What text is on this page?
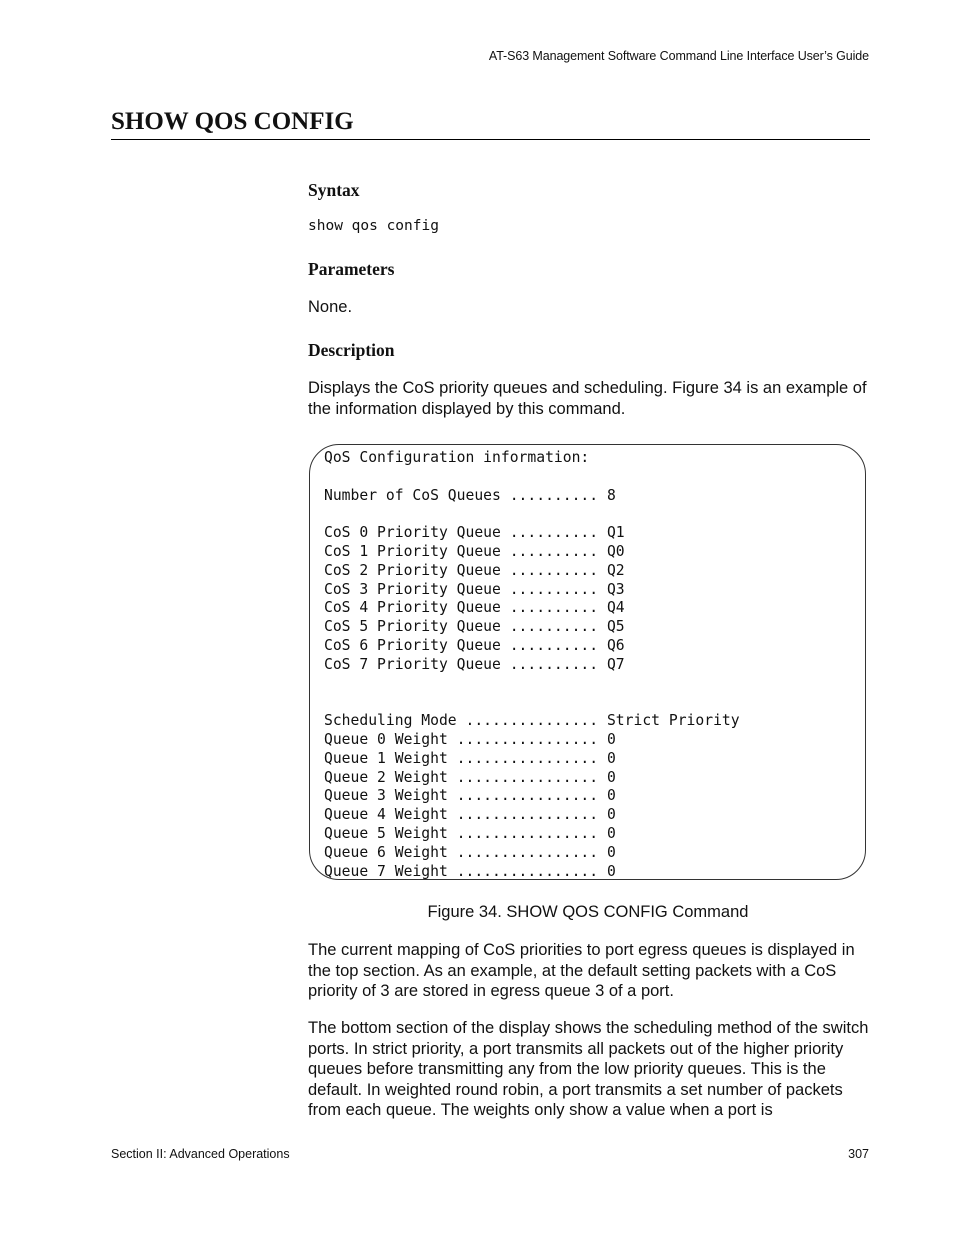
AT-S63 Management Software Command Line Interface User’s Guide
SHOW QOS CONFIG
Syntax
show qos config
Parameters

None.

Description

Displays the CoS priority queues and scheduling. Figure 34 is an example of the information displayed by this command.

QoS Configuration information:

Number of CoS Queues .......... 8

CoS 0 Priority Queue .......... Q1
CoS 1 Priority Queue .......... Q0
CoS 2 Priority Queue .......... Q2
CoS 3 Priority Queue .......... Q3
CoS 4 Priority Queue .......... Q4
CoS 5 Priority Queue .......... Q5
CoS 6 Priority Queue .......... Q6
CoS 7 Priority Queue .......... Q7

Scheduling Mode ............... Strict Priority
Queue 0 Weight ................ 0
Queue 1 Weight ................ 0
Queue 2 Weight ................ 0
Queue 3 Weight ................ 0
Queue 4 Weight ................ 0
Queue 5 Weight ................ 0
Queue 6 Weight ................ 0
Queue 7 Weight ................ 0
Figure 34. SHOW QOS CONFIG Command

The current mapping of CoS priorities to port egress queues is displayed in the top section. As an example, at the default setting packets with a CoS priority of 3 are stored in egress queue 3 of a port.

The bottom section of the display shows the scheduling method of the switch ports. In strict priority, a port transmits all packets out of the higher priority queues before transmitting any from the low priority queues. This is the default. In weighted round robin, a port transmits a set number of packets from each queue. The weights only show a value when a port is

Section II: Advanced Operations	307
